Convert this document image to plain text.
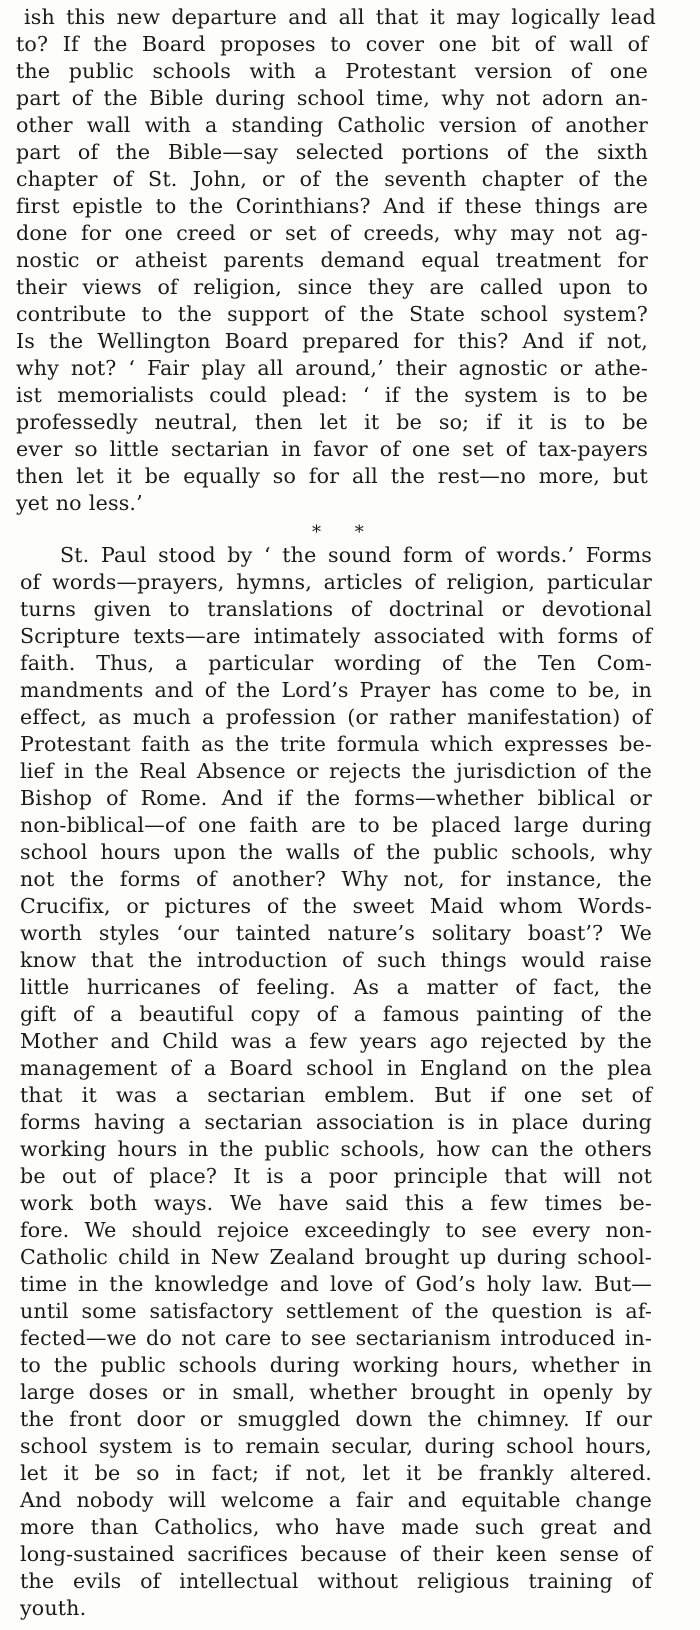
ish this new departure and all that it may logically lead
to? If the Board proposes to cover one bit of wall of
the public schools with a Protestant version of one
part of the Bible during school time, why not adorn an-
other wall with a standing Catholic version of another
part of the Bible—say selected portions of the sixth
chapter of St. John, or of the seventh chapter of the
first epistle to the Corinthians? And if these things are
done for one creed or set of creeds, why may not ag-
nostic or atheist parents demand equal treatment for
their views of religion, since they are called upon to
contribute to the support of the State school system?
Is the Wellington Board prepared for this? And if not,
why not? ‘ Fair play all around,’ their agnostic or athe-
ist memorialists could plead: ‘ if the system is to be
professedly neutral, then let it be so; if it is to be
ever so little sectarian in favor of one set of tax-payers
then let it be equally so for all the rest—no more, but
yet no less.’
* *
St. Paul stood by ‘ the sound form of words.’ Forms
of words—prayers, hymns, articles of religion, particular
turns given to translations of doctrinal or devotional
Scripture texts—are intimately associated with forms of
faith. Thus, a particular wording of the Ten Com-
mandments and of the Lord’s Prayer has come to be, in
effect, as much a profession (or rather manifestation) of
Protestant faith as the trite formula which expresses be-
lief in the Real Absence or rejects the jurisdiction of the
Bishop of Rome. And if the forms—whether biblical or
non-biblical—of one faith are to be placed large during
school hours upon the walls of the public schools, why
not the forms of another? Why not, for instance, the
Crucifix, or pictures of the sweet Maid whom Words-
worth styles ‘our tainted nature’s solitary boast’? We
know that the introduction of such things would raise
little hurricanes of feeling. As a matter of fact, the
gift of a beautiful copy of a famous painting of the
Mother and Child was a few years ago rejected by the
management of a Board school in England on the plea
that it was a sectarian emblem. But if one set of
forms having a sectarian association is in place during
working hours in the public schools, how can the others
be out of place? It is a poor principle that will not
work both ways. We have said this a few times be-
fore. We should rejoice exceedingly to see every non-
Catholic child in New Zealand brought up during school-
time in the knowledge and love of God’s holy law. But—
until some satisfactory settlement of the question is af-
fected—we do not care to see sectarianism introduced in-
to the public schools during working hours, whether in
large doses or in small, whether brought in openly by
the front door or smuggled down the chimney. If our
school system is to remain secular, during school hours,
let it be so in fact; if not, let it be frankly altered.
And nobody will welcome a fair and equitable change
more than Catholics, who have made such great and
long-sustained sacrifices because of their keen sense of
the evils of intellectual without religious training of
youth.
